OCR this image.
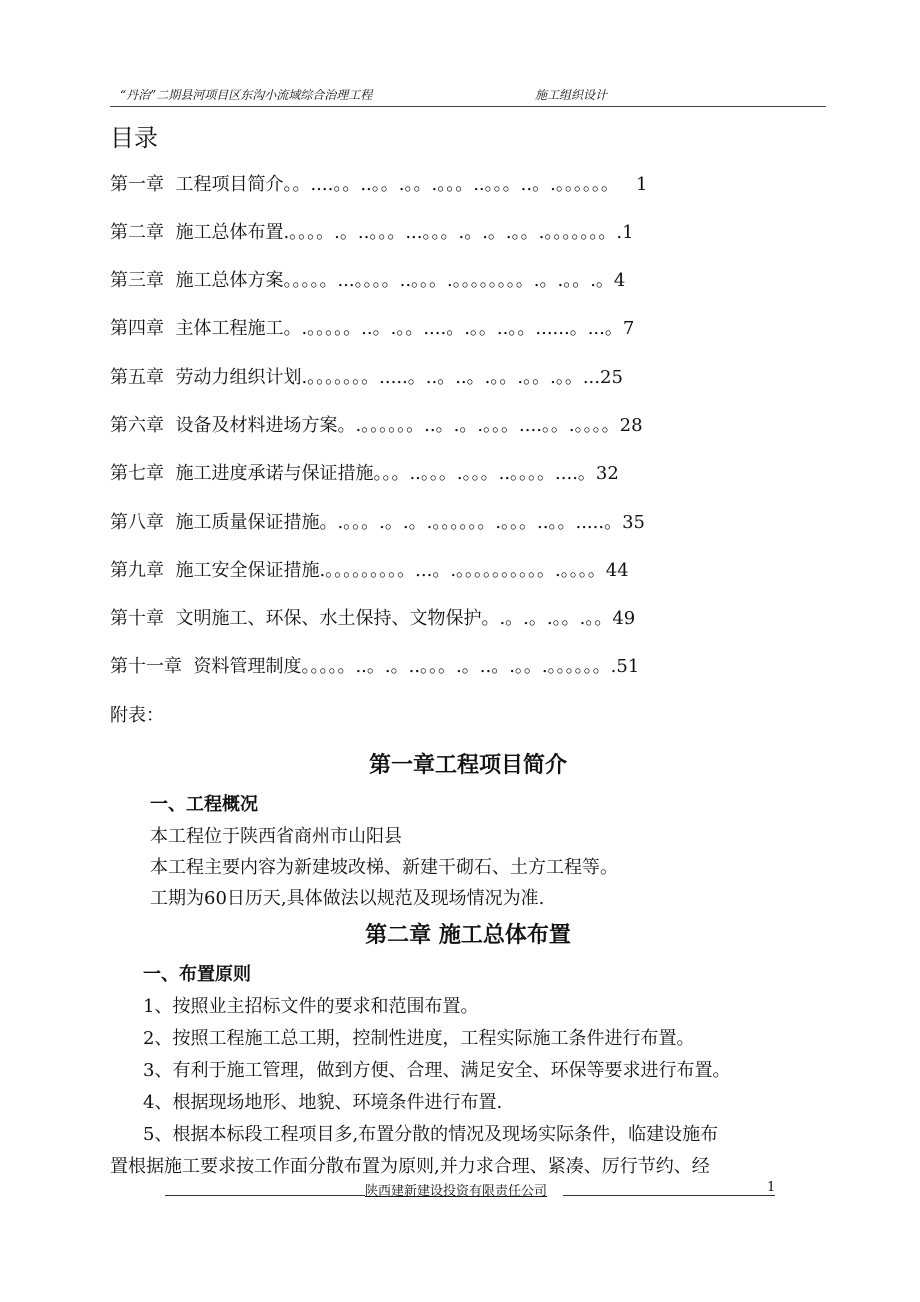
“丹治”二期县河项目区东沟小流域综合治理工程	施工组织设计
目录
第一章  工程项目简介。。....。。..。。.。。.。。。..。。。..。.。。。。。。   1
第二章  施工总体布置.。。。。.。..。。。...。。。.。.。.。。.。。。。。。。.1
第三章  施工总体方案。。。。。...。。。。..。。。.。。。。。。。。.。.。。.。4
第四章  主体工程施工。.。。。。。..。.。。....。.。。..。。......。...。7
第五章  劳动力组织计划.。。。。。。。.....。..。..。.。。.。。.。。...25
第六章  设备及材料进场方案。.。。。。。。..。.。.。。。....。。.。。。。28
第七章  施工进度承诺与保证措施。。。..。。。.。。。..。。。。....。32
第八章  施工质量保证措施。.。。。.。.。.。。。。。。.。。。..。。.....。35
第九章  施工安全保证措施.。。。。。。。。。...。.。。。。。。。。。。.。。。。44
第十章  文明施工、环保、水土保持、文物保护。.。.。.。。.。。49
第十一章  资料管理制度。。。。。..。.。..。。。.。..。.。。.。。。。。。.51
附表：
第一章工程项目简介
一、工程概况
本工程位于陕西省商州市山阳县
本工程主要内容为新建坡改梯、新建干砌石、土方工程等。
工期为60日历天,具体做法以规范及现场情况为准.
第二章 施工总体布置
一、布置原则
1、按照业主招标文件的要求和范围布置。
2、按照工程施工总工期，控制性进度，工程实际施工条件进行布置。
3、有利于施工管理，做到方便、合理、满足安全、环保等要求进行布置。
4、根据现场地形、地貌、环境条件进行布置.
5、根据本标段工程项目多,布置分散的情况及现场实际条件，临建设施布
置根据施工要求按工作面分散布置为原则,并力求合理、紧凑、厉行节约、经
陕西建新建设投资有限责任公司	1
